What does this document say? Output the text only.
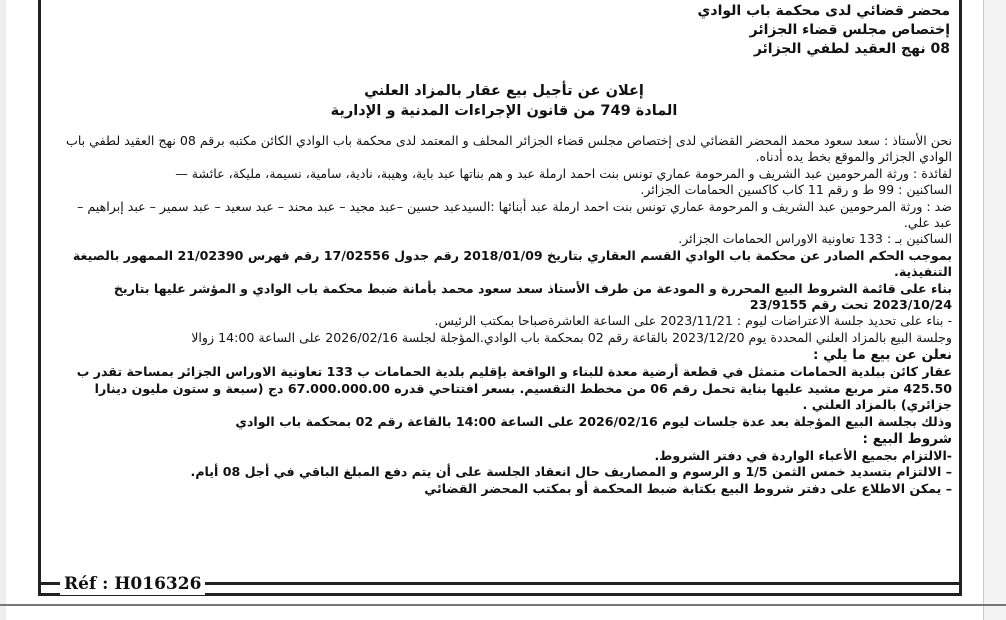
محضر قضائي لدى محكمة باب الوادي
إختصاص مجلس قضاء الجزائر
08 نهج العقيد لطفي الجزائر
إعلان عن تأجيل بيع عقار بالمزاد العلني
المادة 749 من قانون الإجراءات المدنية و الإدارية

نحن الأستاذ : سعد سعود محمد المحضر القضائي لدى إختصاص مجلس قضاء الجزائر المحلف و المعتمد لدى محكمة باب الوادي الكائن مكتبه برقم 08 نهج العقيد لطفي باب الوادي الجزائر والموقع بخط يده أدناه.

لفائدة : ورثة المرحومين عبد الشريف و المرحومة عماري تونس بنت احمد ارملة عبد و هم بناتها عبد باية، وهيبة، نادية، سامية، نسيمة، مليكة، عائشة —

الساكنين : 99 ط و رقم 11 كاب كاكسين الحمامات الجزائر.

ضد : ورثة المرحومين عبد الشريف و المرحومة عماري تونس بنت احمد ارملة عبد أبنائها :السيدعبد حسين –عبد مجيد – عبد محند – عبد سعيد – عبد سمير – عبد إبراهيم – عبد علي.

الساكنين بـ : 133 تعاونية الاوراس الحمامات الجزائر.

بموجب الحكم الصادر عن محكمة باب الوادي القسم العقاري بتاريخ 2018/01/09 رقم جدول 17/02556 رقم فهرس 21/02390 الممهور بالصيغة التنفيذية.

بناء على قائمة الشروط البيع المحررة و المودعة من طرف الأستاذ سعد سعود محمد بأمانة ضبط محكمة باب الوادي و المؤشر عليها بتاريخ 2023/10/24 تحت رقم 23/9155

- بناء على تحديد جلسة الاعتراضات ليوم : 2023/11/21 على الساعة العاشرةصباحا بمكتب الرئيس.

وجلسة البيع بالمزاد العلني المحددة يوم 2023/12/20 بالقاعة رقم 02 بمحكمة باب الوادي.المؤجلة لجلسة 2026/02/16 على الساعة 14:00 زوالا

نعلن عن بيع ما يلي :

عقار كائن ببلدية الحمامات متمثل في قطعة أرضية معدة للبناء و الواقعة بإقليم بلدية الحمامات ب 133 تعاونية الاوراس الجزائر بمساحة تقدر ب 425.50 متر مربع مشيد عليها بناية تحمل رقم 06 من مخطط التقسيم. بسعر افتتاحي قدره 67.000.000.00 دج (سبعة و ستون مليون دينارا جزائري) بالمزاد العلني .

وذلك بجلسة البيع المؤجلة بعد عدة جلسات ليوم 2026/02/16 على الساعة 14:00 بالقاعة رقم 02 بمحكمة باب الوادي

شروط البيع :

-الالتزام بجميع الأعباء الواردة في دفتر الشروط.

– الالتزام بتسديد خمس الثمن 1/5 و الرسوم و المصاريف حال انعقاد الجلسة على أن يتم دفع المبلغ الباقي في أجل 08 أيام.

– يمكن الاطلاع على دفتر شروط البيع بكتابة ضبط المحكمة أو بمكتب المحضر القضائي

Réf : H016326
